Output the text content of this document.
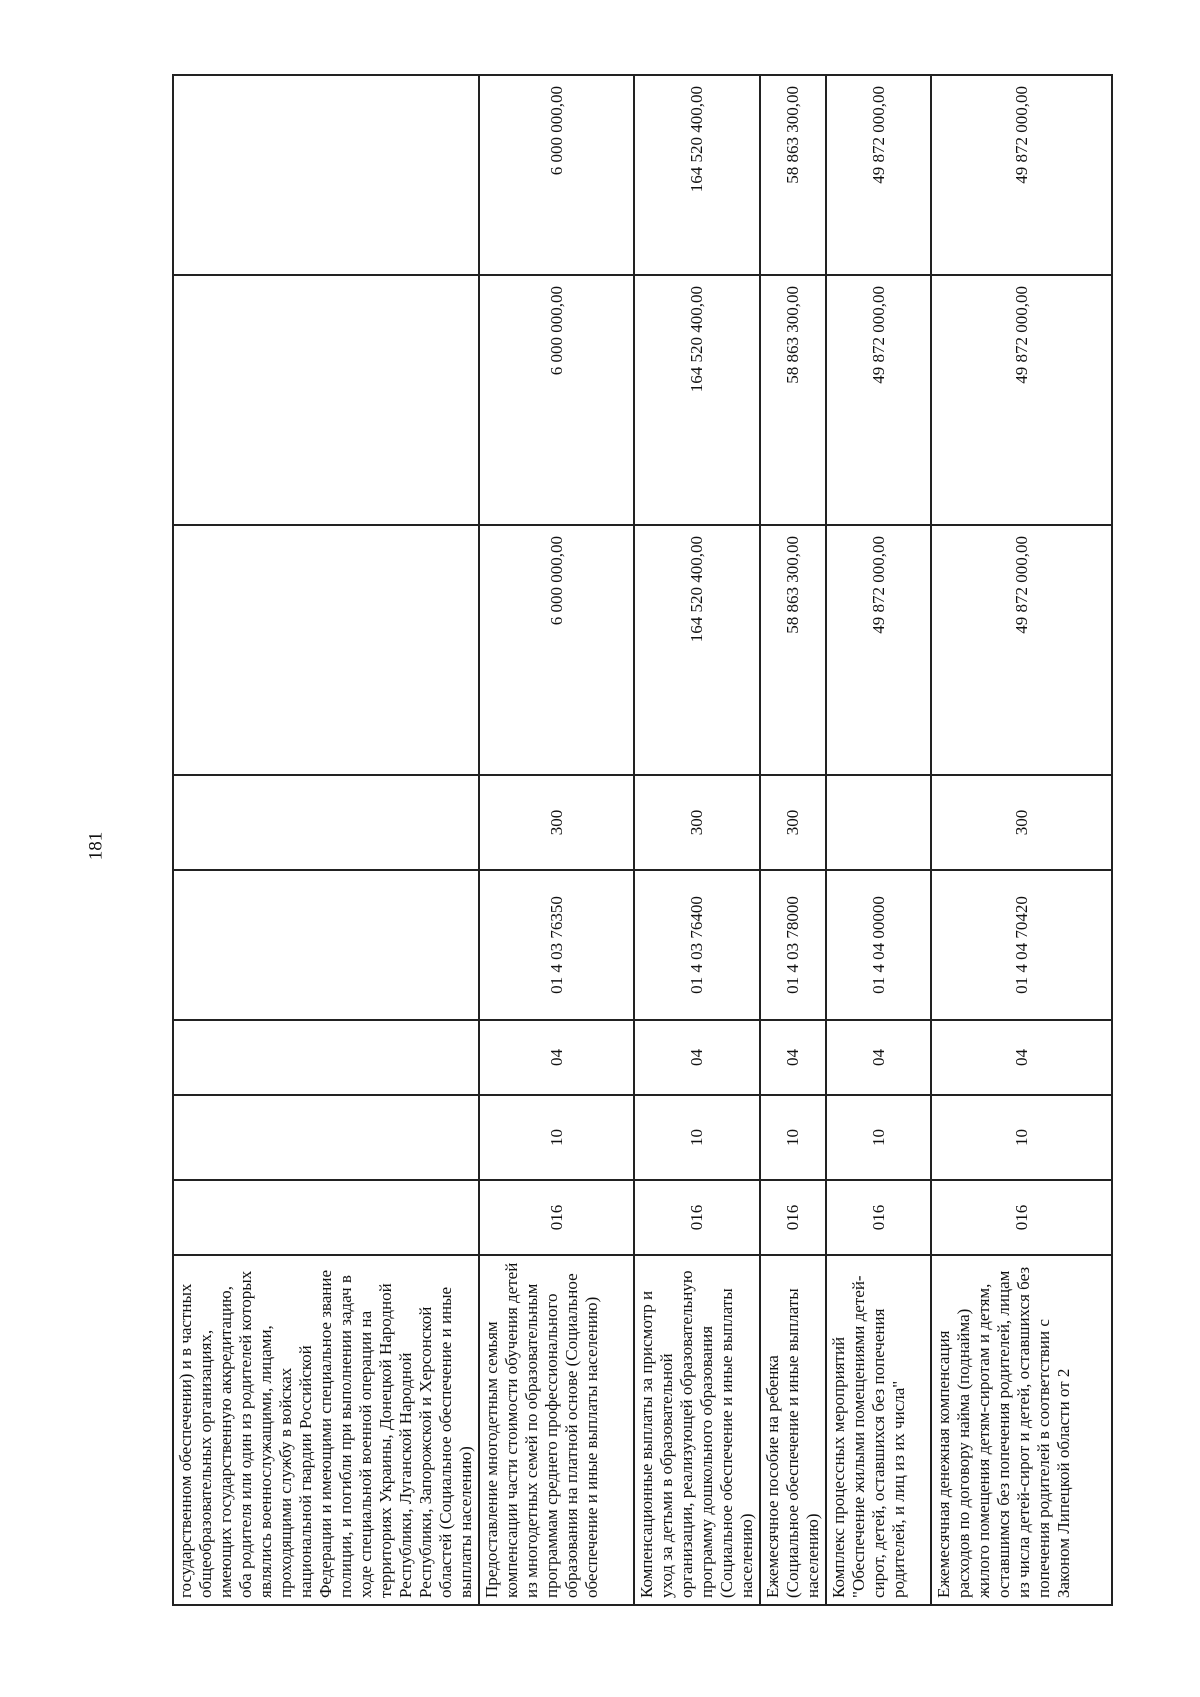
181
государственном обеспечении) и в частных общеобразовательных организациях, имеющих государственную аккредитацию, оба родителя или один из родителей которых являлись военнослужащими, лицами, проходящими службу в войсках национальной гвардии Российской Федерации и имеющими специальное звание полиции, и погибли при выполнении задач в ходе специальной военной операции на территориях Украины, Донецкой Народной Республики, Луганской Народной Республики, Запорожской и Херсонской областей (Социальное обеспечение и иные выплаты населению)								
Предоставление многодетным семьям компенсации части стоимости обучения детей из многодетных семей по образовательным программам среднего профессионального образования на платной основе (Социальное обеспечение и иные выплаты населению)	016	10	04	01 4 03 76350	300	6 000 000,00	6 000 000,00	6 000 000,00
Компенсационные выплаты за присмотр и уход за детьми в образовательной организации, реализующей образовательную программу дошкольного образования (Социальное обеспечение и иные выплаты населению)	016	10	04	01 4 03 76400	300	164 520 400,00	164 520 400,00	164 520 400,00
Ежемесячное пособие на ребенка (Социальное обеспечение и иные выплаты населению)	016	10	04	01 4 03 78000	300	58 863 300,00	58 863 300,00	58 863 300,00
Комплекс процессных мероприятий "Обеспечение жилыми помещениями детей-сирот, детей, оставшихся без попечения родителей, и лиц из их числа"	016	10	04	01 4 04 00000		49 872 000,00	49 872 000,00	49 872 000,00
Ежемесячная денежная компенсация расходов по договору найма (поднайма) жилого помещения детям-сиротам и детям, оставшимся без попечения родителей, лицам из числа детей-сирот и детей, оставшихся без попечения родителей в соответствии с Законом Липецкой области от 2	016	10	04	01 4 04 70420	300	49 872 000,00	49 872 000,00	49 872 000,00
